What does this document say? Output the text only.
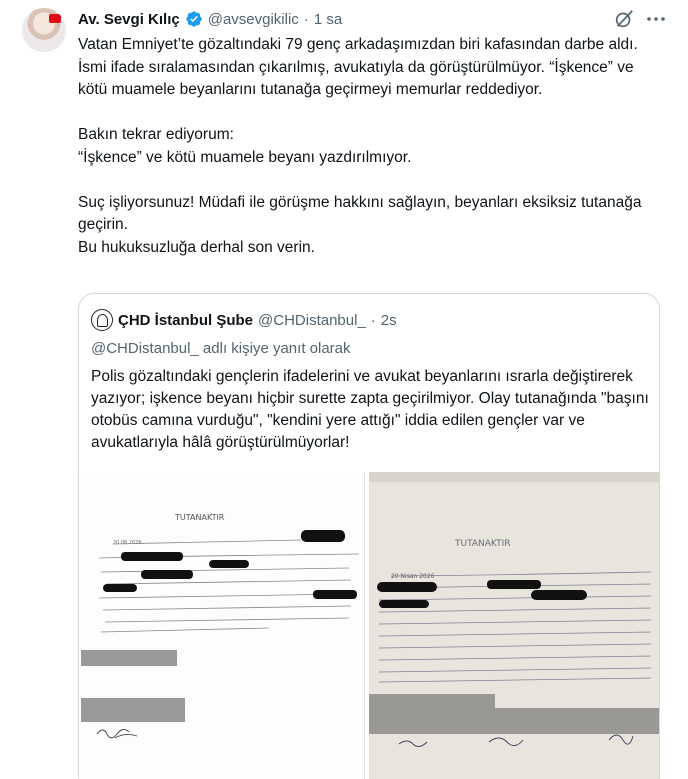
Av. Sevgi Kılıç @avsevgikilic · 1 sa
Vatan Emniyet’te gözaltındaki 79 genç arkadaşımızdan biri kafasından darbe aldı. İsmi ifade sıralamasından çıkarılmış, avukatıyla da görüştürülmüyor. “İşkence” ve kötü muamele beyanlarını tutanağa geçirmeyi memurlar reddediyor.

Bakın tekrar ediyorum:
“İşkence” ve kötü muamele beyanı yazdırılmıyor.

Suç işliyorsunuz! Müdafi ile görüşme hakkını sağlayın, beyanları eksiksiz tutanağa geçirin.
Bu hukuksuzluğa derhal son verin.
ÇHD İstanbul Şube @CHDistanbul_ · 2s
@CHDistanbul_ adlı kişiye yanıt olarak
Polis gözaltındaki gençlerin ifadelerini ve avukat beyanlarını ısrarla değiştirerek yazıyor; işkence beyanı hiçbir surette zapta geçirilmiyor. Olay tutanağında "başını otobüs camına vurduğu", "kendini yere attığı" iddia edilen gençler var ve avukatlarıyla hâlâ görüştürülmüyorlar!
TUTANAKTIR
20.06.2026	TUTANAKTIR
20 Nisan 2026
